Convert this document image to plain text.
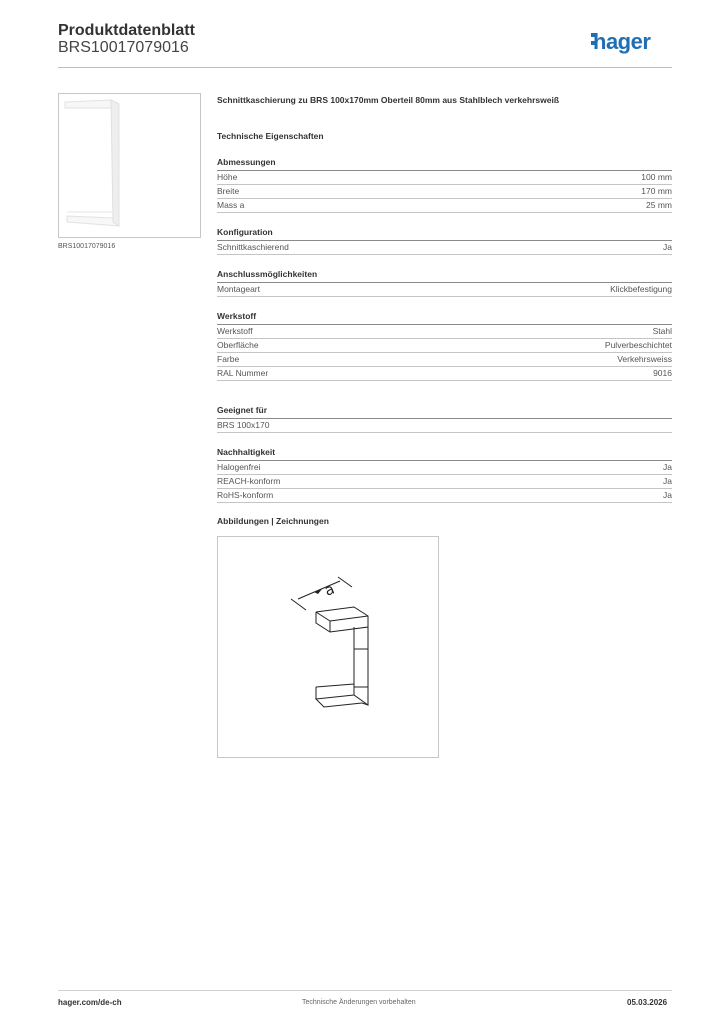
Produktdatenblatt
BRS10017079016	hager
BRS10017079016
Schnittkaschierung zu BRS 100x170mm Oberteil 80mm aus Stahlblech verkehrsweiß
Technische Eigenschaften
Abmessungen
Höhe	100 mm
Breite	170 mm
Mass a	25 mm
Konfiguration
Schnittkaschierend	Ja
Anschlussmöglichkeiten
Montageart	Klickbefestigung
Werkstoff
Werkstoff	Stahl
Oberfläche	Pulverbeschichtet
Farbe	Verkehrsweiss
RAL Nummer	9016
Geeignet für
BRS 100x170
Nachhaltigkeit
Halogenfrei	Ja
REACH-konform	Ja
RoHS-konform	Ja
Abbildungen | Zeichnungen
a
hager.com/de-ch	Technische Änderungen vorbehalten	05.03.2026
